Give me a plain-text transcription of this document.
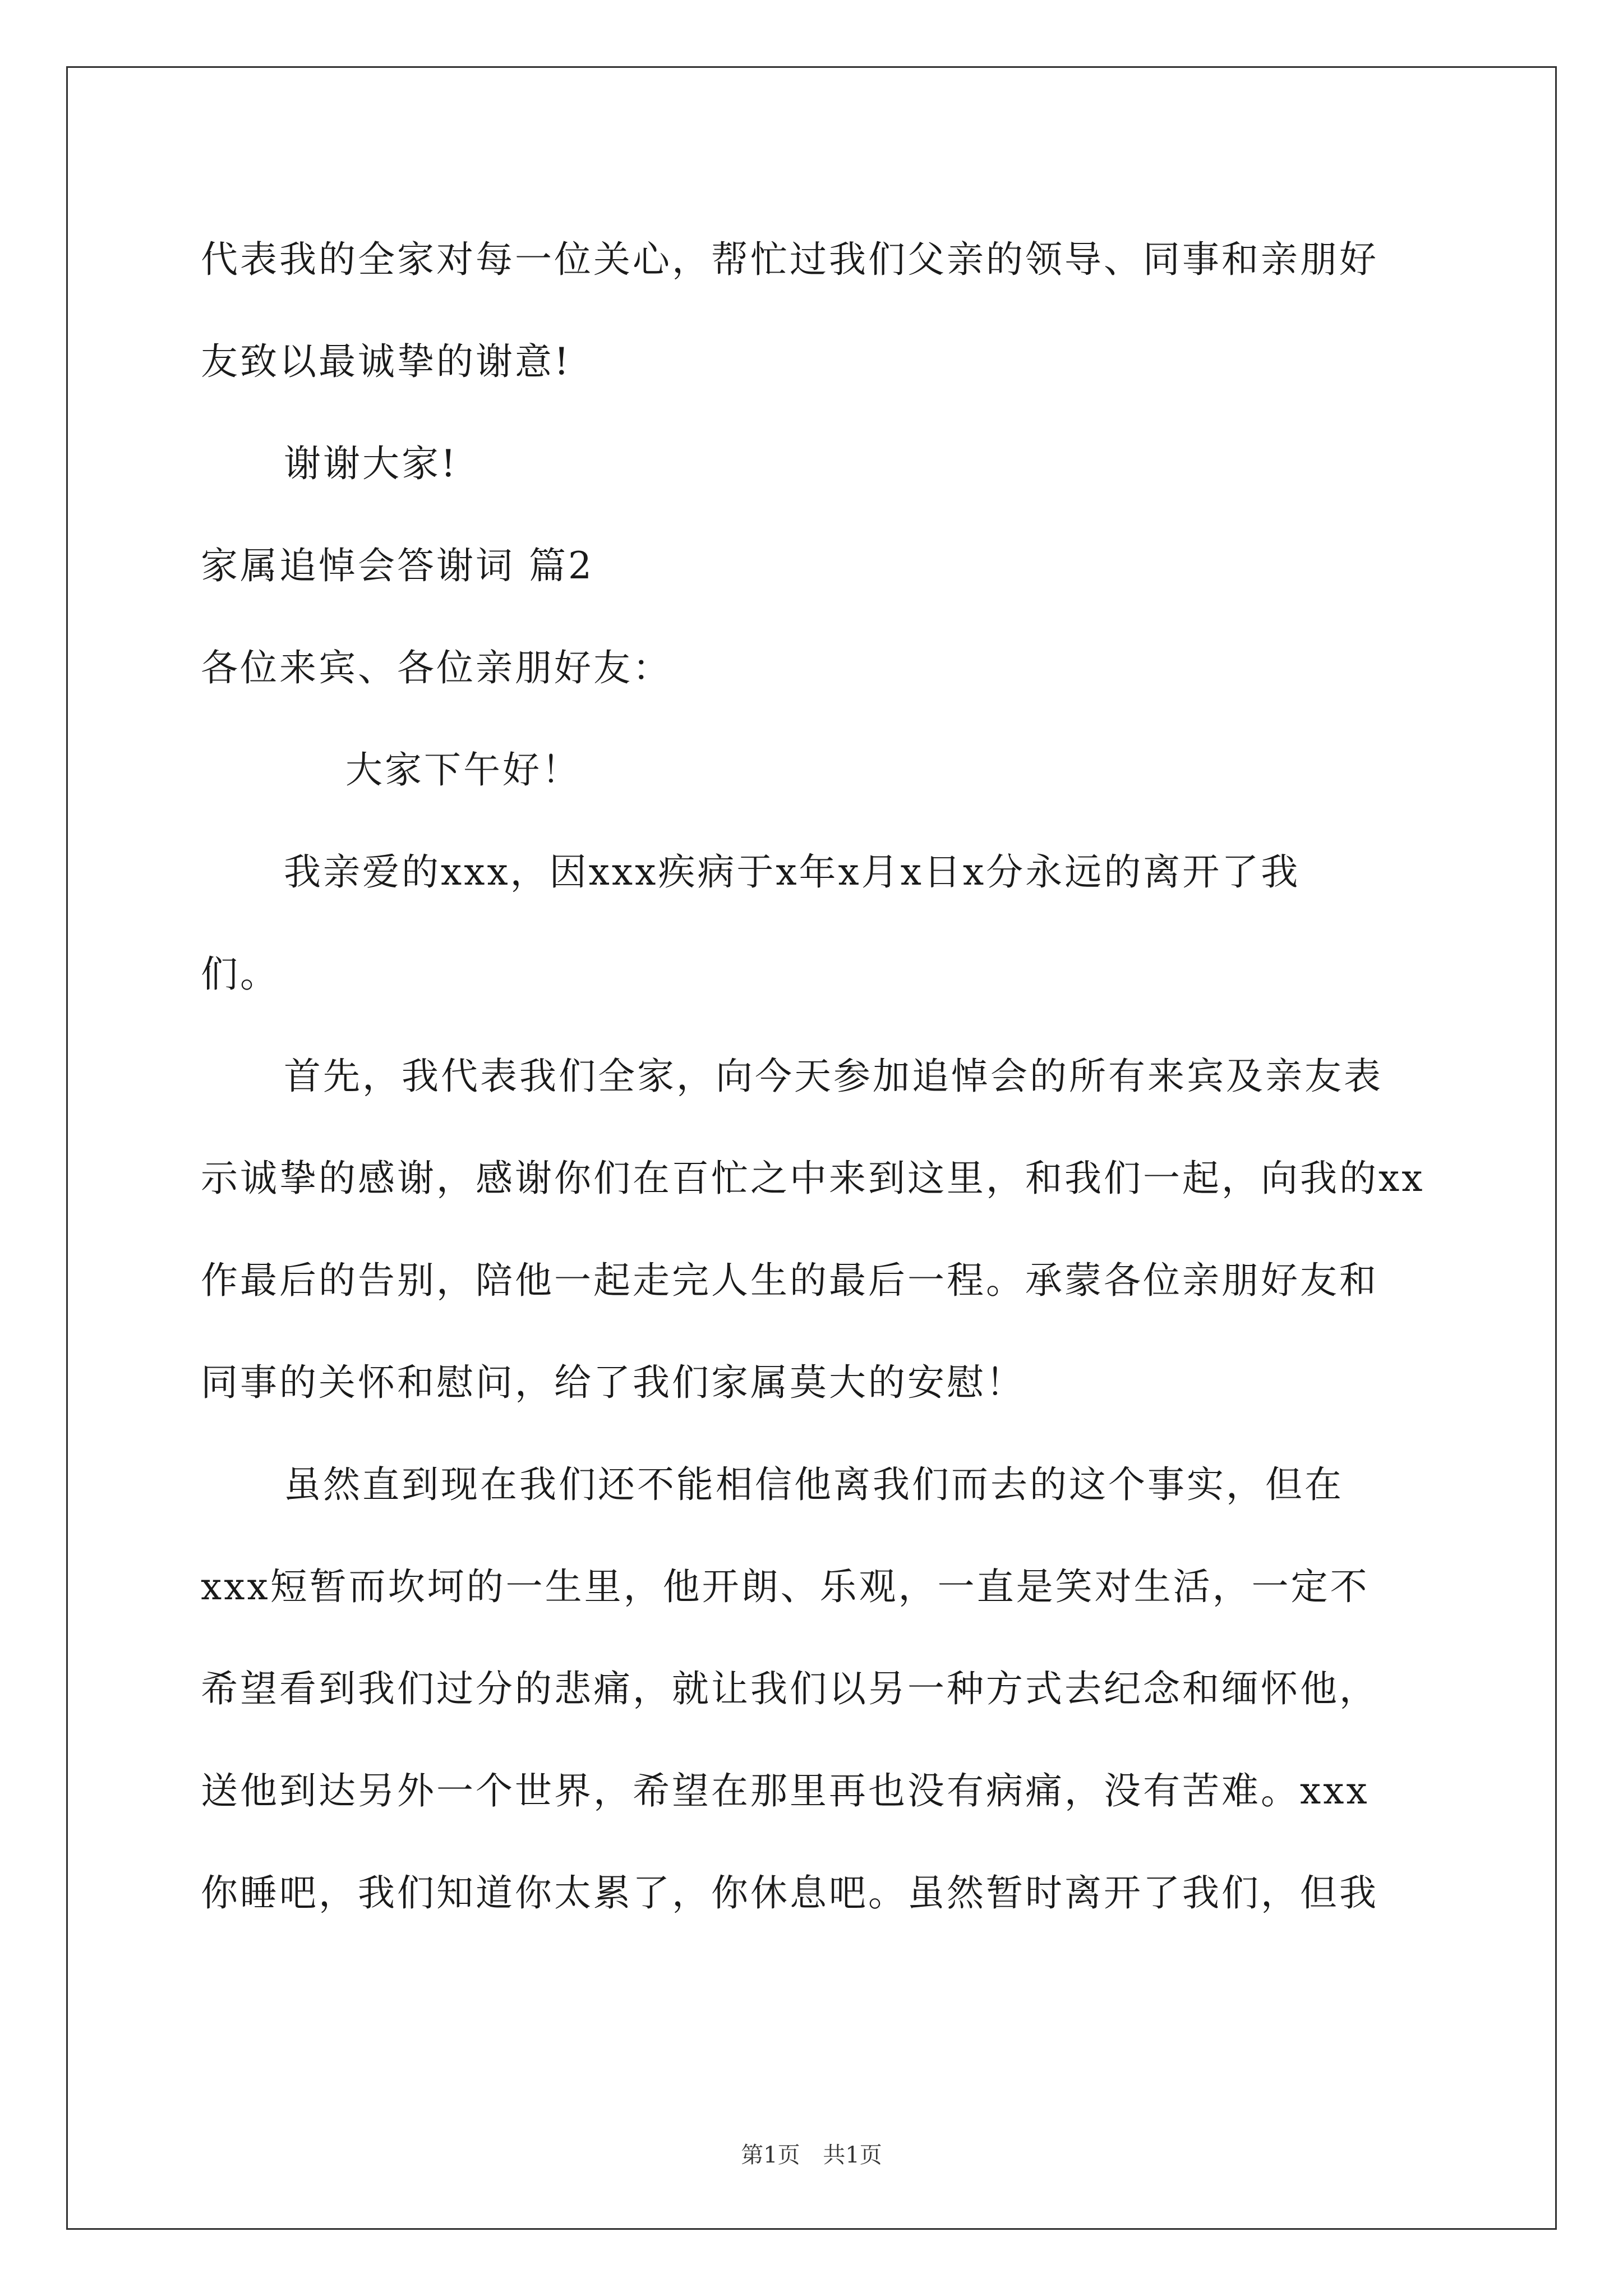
代表我的全家对每一位关心，帮忙过我们父亲的领导、同事和亲朋好

友致以最诚挚的谢意!

谢谢大家!

家属追悼会答谢词 篇2

各位来宾、各位亲朋好友：

大家下午好！

我亲爱的xxx，因xxx疾病于x年x月x日x分永远的离开了我

们。

首先，我代表我们全家，向今天参加追悼会的所有来宾及亲友表

示诚挚的感谢，感谢你们在百忙之中来到这里，和我们一起，向我的xx

作最后的告别，陪他一起走完人生的最后一程。承蒙各位亲朋好友和

同事的关怀和慰问，给了我们家属莫大的安慰！

虽然直到现在我们还不能相信他离我们而去的这个事实，但在

xxx短暂而坎坷的一生里，他开朗、乐观，一直是笑对生活，一定不

希望看到我们过分的悲痛，就让我们以另一种方式去纪念和缅怀他，

送他到达另外一个世界，希望在那里再也没有病痛，没有苦难。xxx

你睡吧，我们知道你太累了，你休息吧。虽然暂时离开了我们，但我

第1页 共1页
